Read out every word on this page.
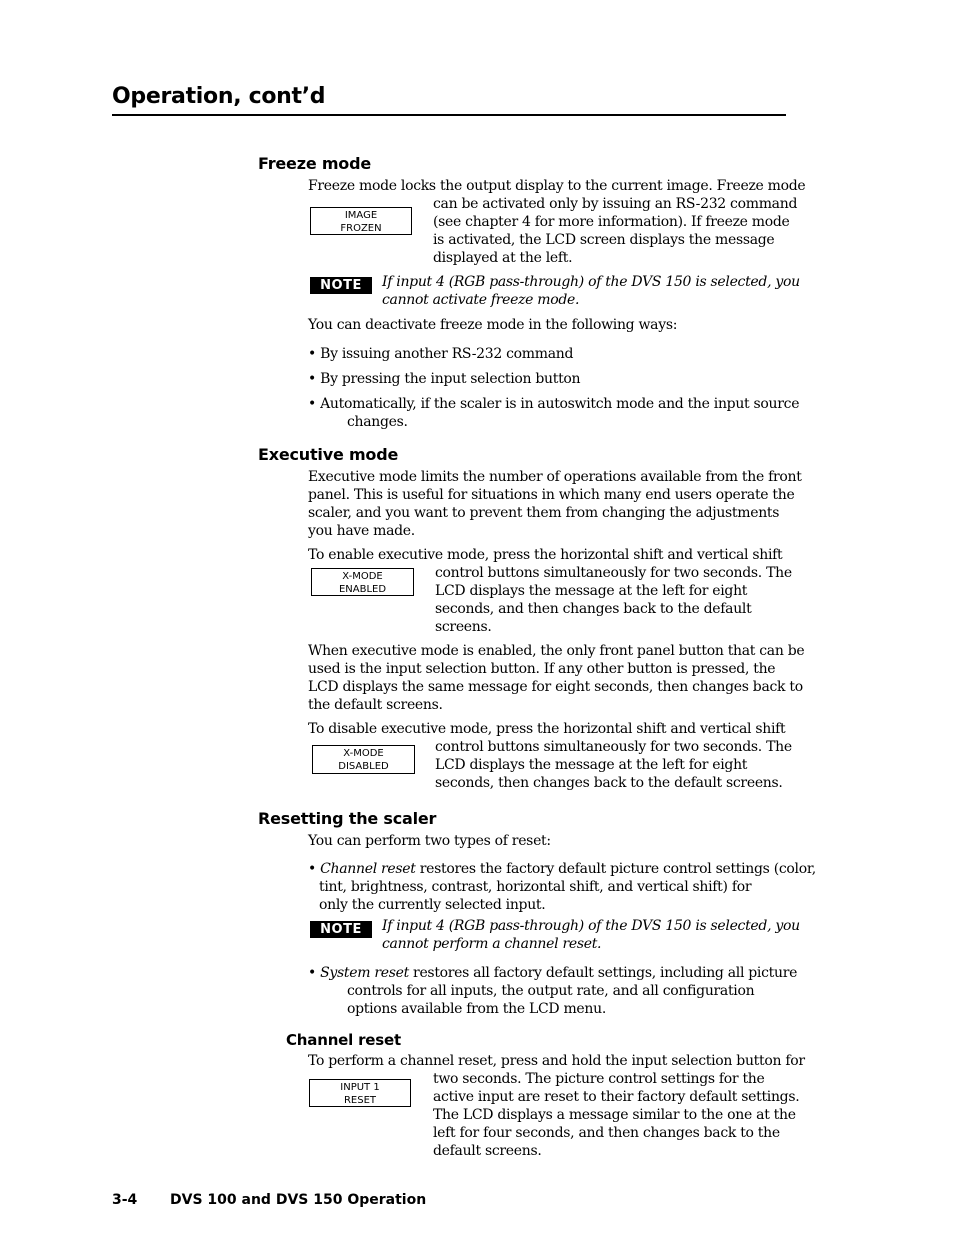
Operation, cont’d
Freeze mode
Freeze mode locks the output display to the current image. Freeze mode
IMAGE
FROZEN

can be activated only by issuing an RS-232 command

(see chapter 4 for more information). If freeze mode

is activated, the LCD screen displays the message

displayed at the left.

NOTE	If input 4 (RGB pass-through) of the DVS 150 is selected, you
cannot activate freeze mode.
You can deactivate freeze mode in the following ways:
• By issuing another RS-232 command
• By pressing the input selection button
• Automatically, if the scaler is in autoswitch mode and the input source
changes.
Executive mode

Executive mode limits the number of operations available from the front

panel. This is useful for situations in which many end users operate the

scaler, and you want to prevent them from changing the adjustments

you have made.

To enable executive mode, press the horizontal shift and vertical shift
X-MODE
ENABLED

control buttons simultaneously for two seconds. The

LCD displays the message at the left for eight

seconds, and then changes back to the default

screens.

When executive mode is enabled, the only front panel button that can be

used is the input selection button. If any other button is pressed, the

LCD displays the same message for eight seconds, then changes back to

the default screens.

To disable executive mode, press the horizontal shift and vertical shift
X-MODE
DISABLED

control buttons simultaneously for two seconds. The

LCD displays the message at the left for eight

seconds, then changes back to the default screens.

Resetting the scaler
You can perform two types of reset:
• Channel reset restores the factory default picture control settings (color,
tint, brightness, contrast, horizontal shift, and vertical shift) for
only the currently selected input.
NOTE	If input 4 (RGB pass-through) of the DVS 150 is selected, you
cannot perform a channel reset.
• System reset restores all factory default settings, including all picture
controls for all inputs, the output rate, and all configuration
options available from the LCD menu.
Channel reset
To perform a channel reset, press and hold the input selection button for
INPUT 1
RESET

two seconds. The picture control settings for the

active input are reset to their factory default settings.

The LCD displays a message similar to the one at the

left for four seconds, and then changes back to the

default screens.

3-4 DVS 100 and DVS 150 Operation
